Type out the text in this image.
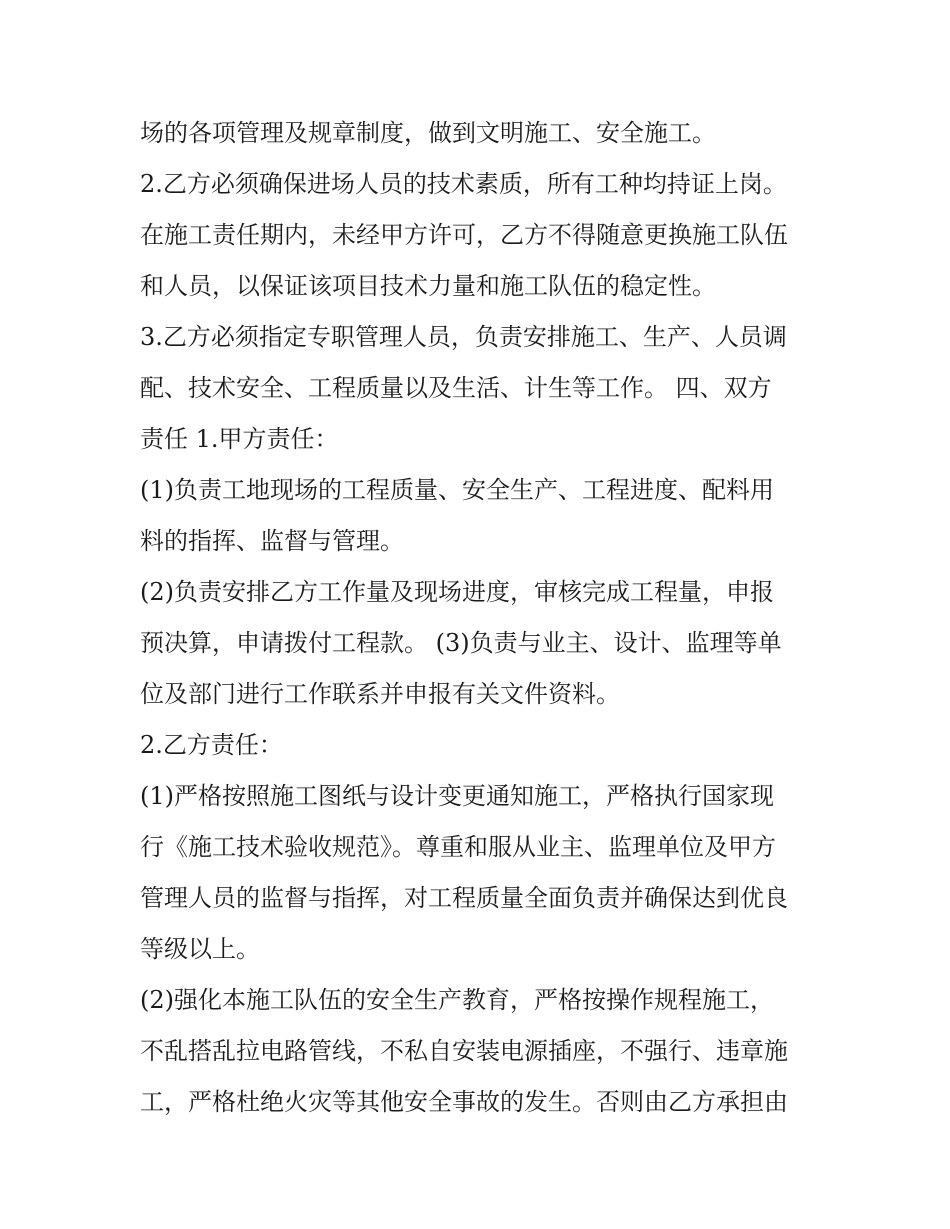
场的各项管理及规章制度，做到文明施工、安全施工。
2.乙方必须确保进场人员的技术素质，所有工种均持证上岗。
在施工责任期内，未经甲方许可，乙方不得随意更换施工队伍
和人员，以保证该项目技术力量和施工队伍的稳定性。
3.乙方必须指定专职管理人员，负责安排施工、生产、人员调
配、技术安全、工程质量以及生活、计生等工作。 四、双方
责任 1.甲方责任：
(1)负责工地现场的工程质量、安全生产、工程进度、配料用
料的指挥、监督与管理。
(2)负责安排乙方工作量及现场进度，审核完成工程量，申报
预决算，申请拨付工程款。 (3)负责与业主、设计、监理等单
位及部门进行工作联系并申报有关文件资料。
2.乙方责任：
(1)严格按照施工图纸与设计变更通知施工，严格执行国家现
行《施工技术验收规范》。尊重和服从业主、监理单位及甲方
管理人员的监督与指挥，对工程质量全面负责并确保达到优良
等级以上。
(2)强化本施工队伍的安全生产教育，严格按操作规程施工，
不乱搭乱拉电路管线，不私自安装电源插座，不强行、违章施
工，严格杜绝火灾等其他安全事故的发生。否则由乙方承担由
